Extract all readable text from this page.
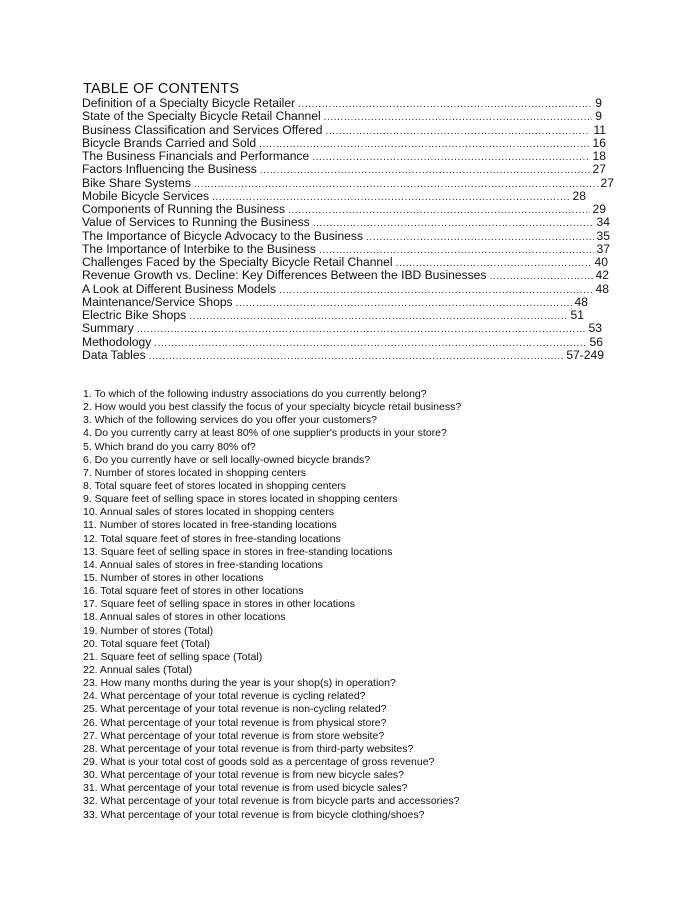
TABLE OF CONTENTS
Definition of a Specialty Bicycle Retailer .....	9
State of the Specialty Bicycle Retail Channel .....	9
Business Classification and Services Offered .....	11
Bicycle Brands Carried and Sold .....	16
The Business Financials and Performance .....	18
Factors Influencing the Business .....	27
Bike Share Systems .....	27
Mobile Bicycle Services .....	28
Components of Running the Business .....	29
Value of Services to Running the Business .....	34
The Importance of Bicycle Advocacy to the Business .....	35
The Importance of Interbike to the Business .....	37
Challenges Faced by the Specialty Bicycle Retail Channel .....	40
Revenue Growth vs. Decline: Key Differences Between the IBD Businesses .....	42
A Look at Different Business Models .....	48
Maintenance/Service Shops .....	48
Electric Bike Shops .....	51
Summary .....	53
Methodology .....	56
Data Tables .....	57-249
1. To which of the following industry associations do you currently belong?
2. How would you best classify the focus of your specialty bicycle retail business?
3. Which of the following services do you offer your customers?
4. Do you currently carry at least 80% of one supplier's products in your store?
5. Which brand do you carry 80% of?
6. Do you currently have or sell locally-owned bicycle brands?
7. Number of stores located in shopping centers
8. Total square feet of stores located in shopping centers
9. Square feet of selling space in stores located in shopping centers
10. Annual sales of stores located in shopping centers
11. Number of stores located in free-standing locations
12. Total square feet of stores in free-standing locations
13. Square feet of selling space in stores in free-standing locations
14. Annual sales of stores in free-standing locations
15. Number of stores in other locations
16. Total square feet of stores in other locations
17. Square feet of selling space in stores in other locations
18. Annual sales of stores in other locations
19. Number of stores (Total)
20. Total square feet (Total)
21. Square feet of selling space (Total)
22. Annual sales (Total)
23. How many months during the year is your shop(s) in operation?
24. What percentage of your total revenue is cycling related?
25. What percentage of your total revenue is non-cycling related?
26. What percentage of your total revenue is from physical store?
27. What percentage of your total revenue is from store website?
28. What percentage of your total revenue is from third-party websites?
29. What is your total cost of goods sold as a percentage of gross revenue?
30. What percentage of your total revenue is from new bicycle sales?
31. What percentage of your total revenue is from used bicycle sales?
32. What percentage of your total revenue is from bicycle parts and accessories?
33. What percentage of your total revenue is from bicycle clothing/shoes?
